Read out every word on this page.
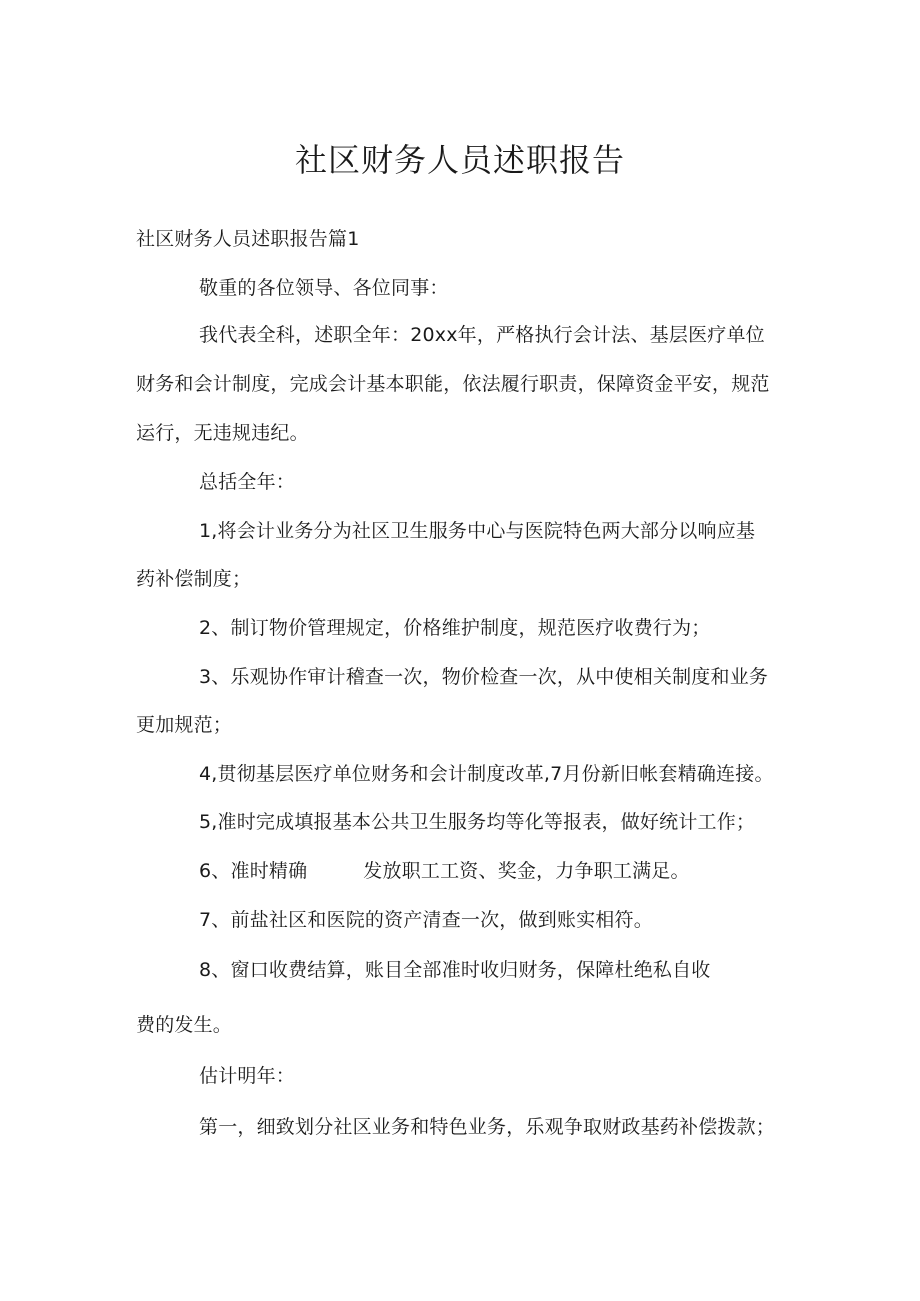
社区财务人员述职报告
社区财务人员述职报告篇1
敬重的各位领导、各位同事：
我代表全科，述职全年：20xx年，严格执行会计法、基层医疗单位
财务和会计制度，完成会计基本职能，依法履行职责，保障资金平安，规范
运行，无违规违纪。
总括全年：
1,将会计业务分为社区卫生服务中心与医院特色两大部分以响应基
药补偿制度；
2、制订物价管理规定，价格维护制度，规范医疗收费行为；
3、乐观协作审计稽查一次，物价检查一次，从中使相关制度和业务
更加规范；
4,贯彻基层医疗单位财务和会计制度改革,7月份新旧帐套精确连接。
5,准时完成填报基本公共卫生服务均等化等报表，做好统计工作；
6、准时精确	发放职工工资、奖金，力争职工满足。
7、前盐社区和医院的资产清查一次，做到账实相符。
8、窗口收费结算，账目全部准时收归财务，保障杜绝私自收
费的发生。
估计明年：
第一，细致划分社区业务和特色业务，乐观争取财政基药补偿拨款；
